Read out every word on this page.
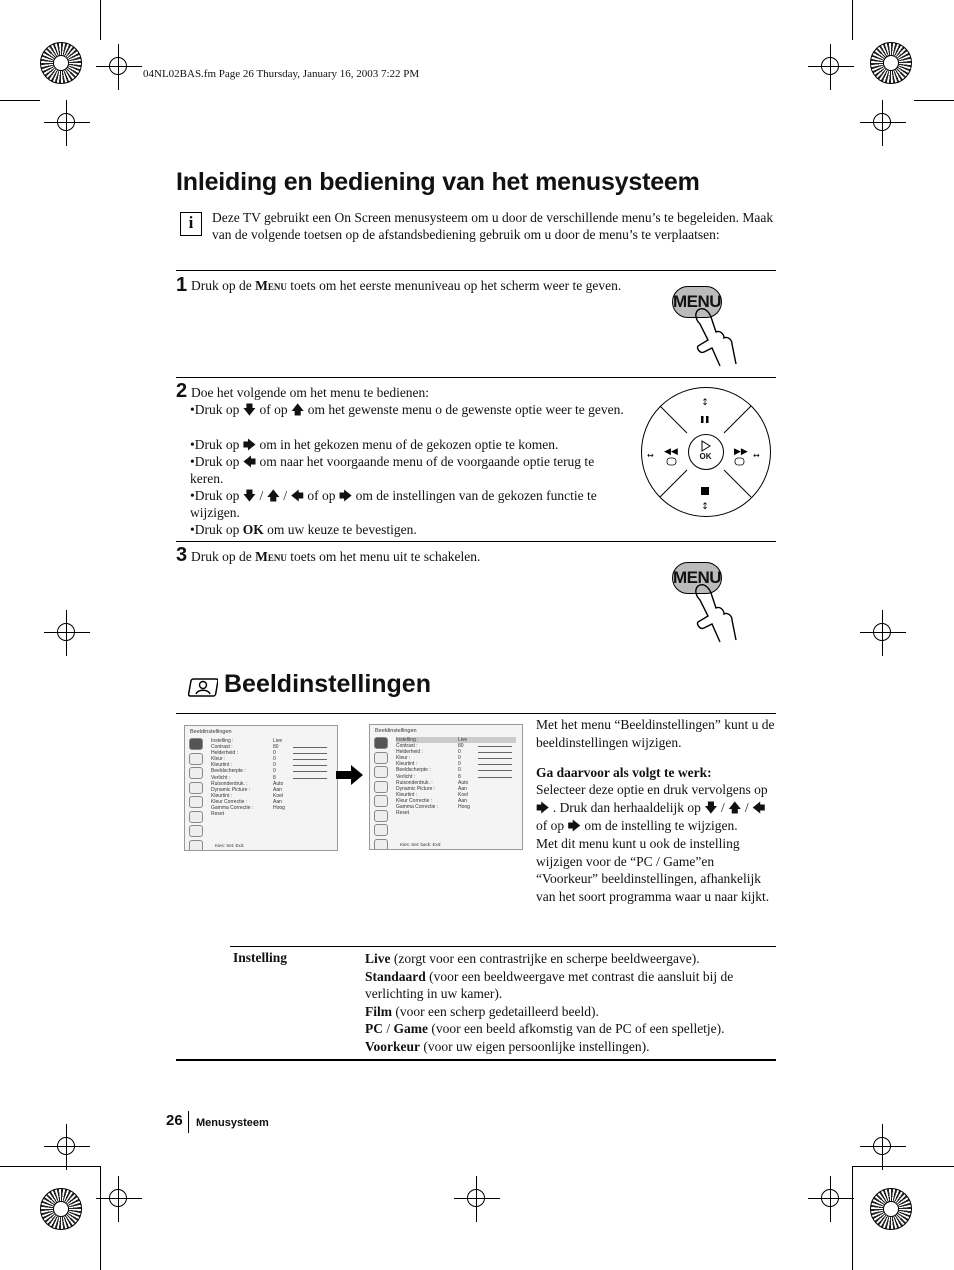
04NL02BAS.fm Page 26 Thursday, January 16, 2003 7:22 PM
Inleiding en bediening van het menusysteem
i	Deze TV gebruikt een On Screen menusysteem om u door de verschillende menu’s te begeleiden. Maak van de volgende toetsen op de afstandsbediening gebruik om u door de menu’s te verplaatsen:
1 Druk op de Menu toets om het eerste menuniveau op het scherm weer te geven.
MENU
2 Doe het volgende om het menu te bedienen:
•Druk op 🡇 of op 🡅 om het gewenste menu o de gewenste optie weer te geven.
•Druk op 🡆 om in het gekozen menu of de gekozen optie te komen.
•Druk op 🡄 om naar het voorgaande menu of de voorgaande optie terug te keren.
•Druk op 🡇 / 🡅 / 🡄 of op 🡆 om de instellingen van de gekozen functie te wijzigen.
•Druk op OK om uw keuze te bevestigen.
↕
↕
◀◀	▶▶
↔	↔
OK
3 Druk op de Menu toets om het menu uit te schakelen.
MENU
Beeldinstellingen
Beeldinstellingen
Instelling :	Live
Contrast :	80
Helderheid :	0
Kleur :	0
Kleurtint :	0
Beeldscherpte :	0
Verlicht :	8
Ruisonderdruk. :	Auto
Dynamic Picture :	Aan
Kleurtint :	Koel
Kleur Correctie :	Aan
Gamma Correctie :	Hoog
Reset
Kies: Set: Exit:
Beeldinstellingen
Instelling :	Live
Contrast :	80
Helderheid :	0
Kleur :	0
Kleurtint :	0
Beeldscherpte :	0
Verlicht :	8
Ruisonderdruk. :	Auto
Dynamic Picture :	Aan
Kleurtint :	Koel
Kleur Correctie :	Aan
Gamma Correctie :	Hoog
Reset
Kies: Set: back: Exit:
Met het menu “Beeldinstellingen” kunt u de beeldinstellingen wijzigen.
Ga daarvoor als volgt te werk:
Selecteer deze optie en druk vervolgens op 🡆 . Druk dan herhaaldelijk op 🡇 / 🡅 / 🡄 of op 🡆 om de instelling te wijzigen.
Met dit menu kunt u ook de instelling wijzigen voor de “PC / Game”en “Voorkeur” beeldinstellingen, afhankelijk van het soort programma waar u naar kijkt.
Instelling	Live (zorgt voor een contrastrijke en scherpe beeldweergave).
Standaard (voor een beeldweergave met contrast die aansluit bij de verlichting in uw kamer).
Film (voor een scherp gedetailleerd beeld).
PC / Game (voor een beeld afkomstig van de PC of een spelletje).
Voorkeur (voor uw eigen persoonlijke instellingen).
26 Menusysteem
